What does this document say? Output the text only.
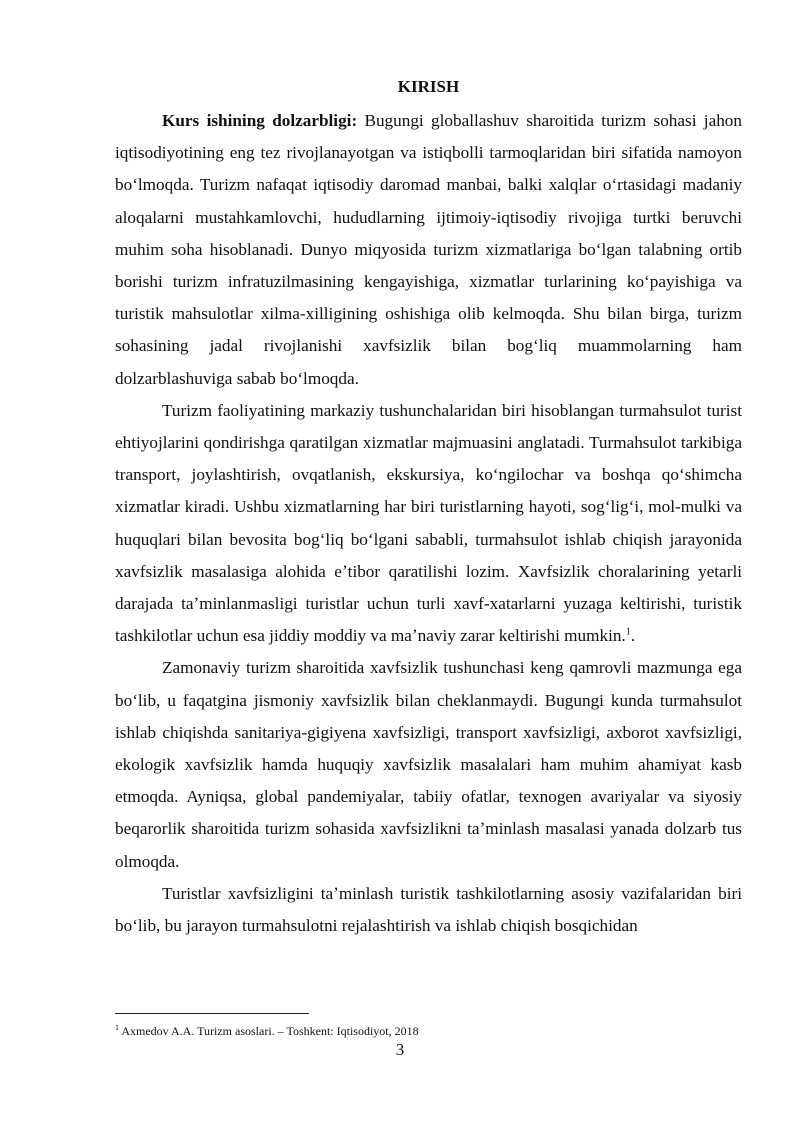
KIRISH

Kurs ishining dolzarbligi: Bugungi globallashuv sharoitida turizm sohasi jahon iqtisodiyotining eng tez rivojlanayotgan va istiqbolli tarmoqlaridan biri sifatida namoyon boʻlmoqda. Turizm nafaqat iqtisodiy daromad manbai, balki xalqlar oʻrtasidagi madaniy aloqalarni mustahkamlovchi, hududlarning ijtimoiy-iqtisodiy rivojiga turtki beruvchi muhim soha hisoblanadi. Dunyo miqyosida turizm xizmatlariga boʻlgan talabning ortib borishi turizm infratuzilmasining kengayishiga, xizmatlar turlarining koʻpayishiga va turistik mahsulotlar xilma-xilligining oshishiga olib kelmoqda. Shu bilan birga, turizm sohasining jadal rivojlanishi xavfsizlik bilan bogʻliq muammolarning ham dolzarblashuviga sabab boʻlmoqda.

Turizm faoliyatining markaziy tushunchalaridan biri hisoblangan turmahsulot turist ehtiyojlarini qondirishga qaratilgan xizmatlar majmuasini anglatadi. Turmahsulot tarkibiga transport, joylashtirish, ovqatlanish, ekskursiya, koʻngilochar va boshqa qoʻshimcha xizmatlar kiradi. Ushbu xizmatlarning har biri turistlarning hayoti, sogʻligʻi, mol-mulki va huquqlari bilan bevosita bogʻliq boʻlgani sababli, turmahsulot ishlab chiqish jarayonida xavfsizlik masalasiga alohida eʼtibor qaratilishi lozim. Xavfsizlik choralarining yetarli darajada taʼminlanmasligi turistlar uchun turli xavf-xatarlarni yuzaga keltirishi, turistik tashkilotlar uchun esa jiddiy moddiy va maʼnaviy zarar keltirishi mumkin.$^1$.

Zamonaviy turizm sharoitida xavfsizlik tushunchasi keng qamrovli mazmunga ega boʻlib, u faqatgina jismoniy xavfsizlik bilan cheklanmaydi. Bugungi kunda turmahsulot ishlab chiqishda sanitariya-gigiyena xavfsizligi, transport xavfsizligi, axborot xavfsizligi, ekologik xavfsizlik hamda huquqiy xavfsizlik masalalari ham muhim ahamiyat kasb etmoqda. Ayniqsa, global pandemiyalar, tabiiy ofatlar, texnogen avariyalar va siyosiy beqarorlik sharoitida turizm sohasida xavfsizlikni taʼminlash masalasi yanada dolzarb tus olmoqda.

Turistlar xavfsizligini taʼminlash turistik tashkilotlarning asosiy vazifalaridan biri boʻlib, bu jarayon turmahsulotni rejalashtirish va ishlab chiqish bosqichidan

$^1$ Axmedov A.A. Turizm asoslari. – Toshkent: Iqtisodiyot, 2018
3
